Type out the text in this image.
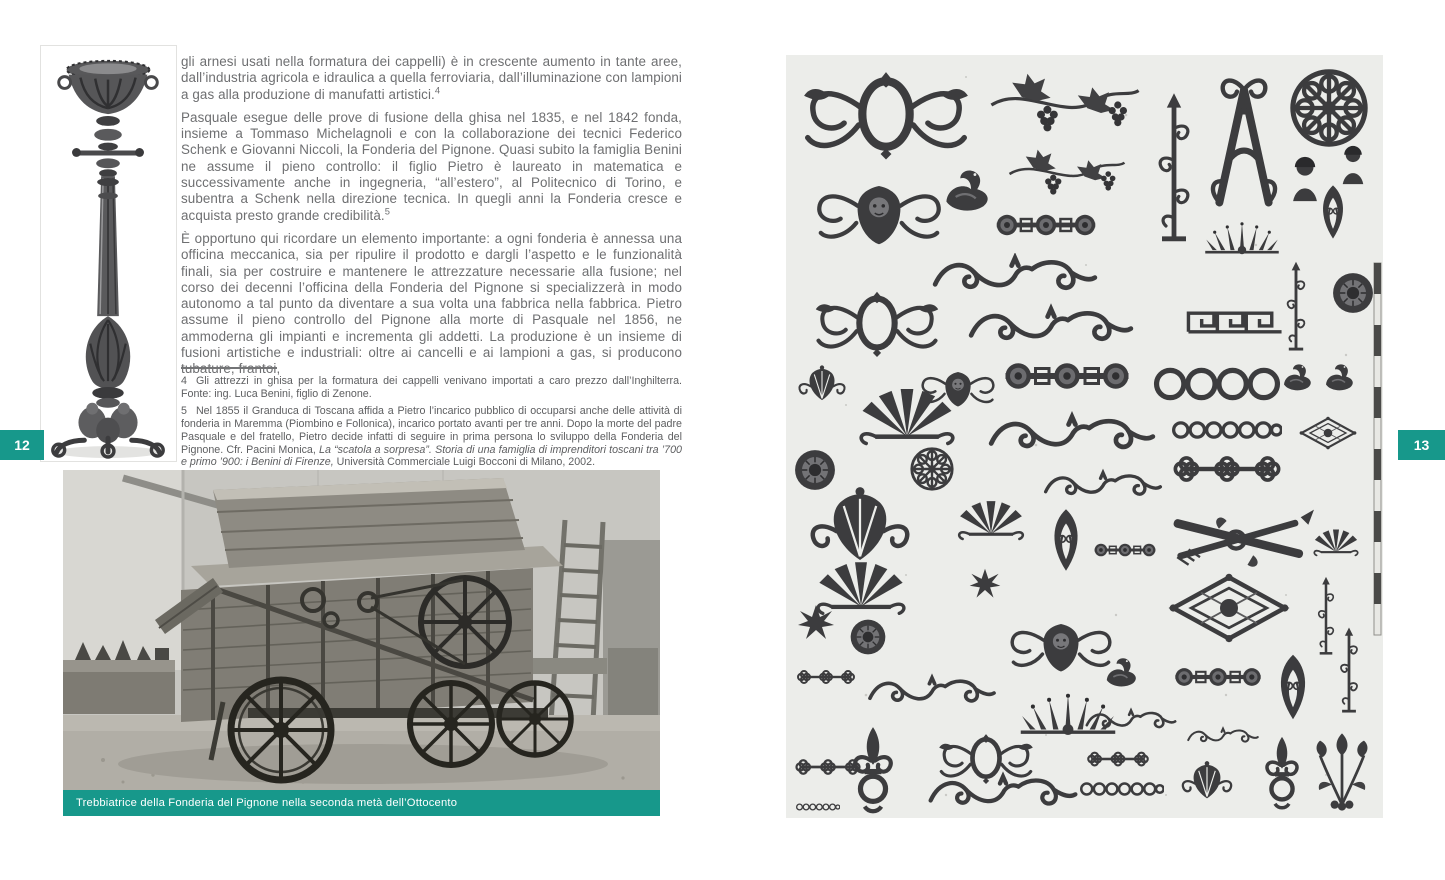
gli arnesi usati nella formatura dei cappelli) è in crescente aumento in tante aree, dall’industria agricola e idraulica a quella ferroviaria, dall’illuminazione con lampioni a gas alla produzione di manufatti artistici.$^4$

Pasquale esegue delle prove di fusione della ghisa nel 1835, e nel 1842 fonda, insieme a Tommaso Michelagnoli e con la collaborazione dei tecnici Federico Schenk e Giovanni Niccoli, la Fonderia del Pignone. Quasi subito la famiglia Benini ne assume il pieno controllo: il figlio Pietro è laureato in matematica e successivamente anche in ingegneria, “all’estero”, al Politecnico di Torino, e subentra a Schenk nella direzione tecnica. In quegli anni la Fonderia cresce e acquista presto grande credibilità.$^5$

È opportuno qui ricordare un elemento importante: a ogni fonderia è annessa una officina meccanica, sia per ripulire il prodotto e dargli l’aspetto e le funzionalità finali, sia per costruire e mantenere le attrezzature necessarie alla fusione; nel corso dei decenni l’officina della Fonderia del Pignone si specializzerà in modo autonomo a tal punto da diventare a sua volta una fabbrica nella fabbrica. Pietro assume il pieno controllo del Pignone alla morte di Pasquale nel 1856, ne ammoderna gli impianti e incrementa gli addetti. La produzione è un insieme di fusioni artistiche e industriali: oltre ai cancelli e ai lampioni a gas, si producono tubature, frantoi,

4 Gli attrezzi in ghisa per la formatura dei cappelli venivano importati a caro prezzo dall’Inghilterra. Fonte: ing. Luca Benini, figlio di Zenone.

5 Nel 1855 il Granduca di Toscana affida a Pietro l’incarico pubblico di occuparsi anche delle attività di fonderia in Maremma (Piombino e Follonica), incarico portato avanti per tre anni. Dopo la morte del padre Pasquale e del fratello, Pietro decide infatti di seguire in prima persona lo sviluppo della Fonderia del Pignone. Cfr. Pacini Monica, La “scatola a sorpresa”. Storia di una famiglia di imprenditori toscani tra ’700 e primo ’900: i Benini di Firenze, Università Commerciale Luigi Bocconi di Milano, 2002.

Trebbiatrice della Fonderia del Pignone nella seconda metà dell’Ottocento
12	13
